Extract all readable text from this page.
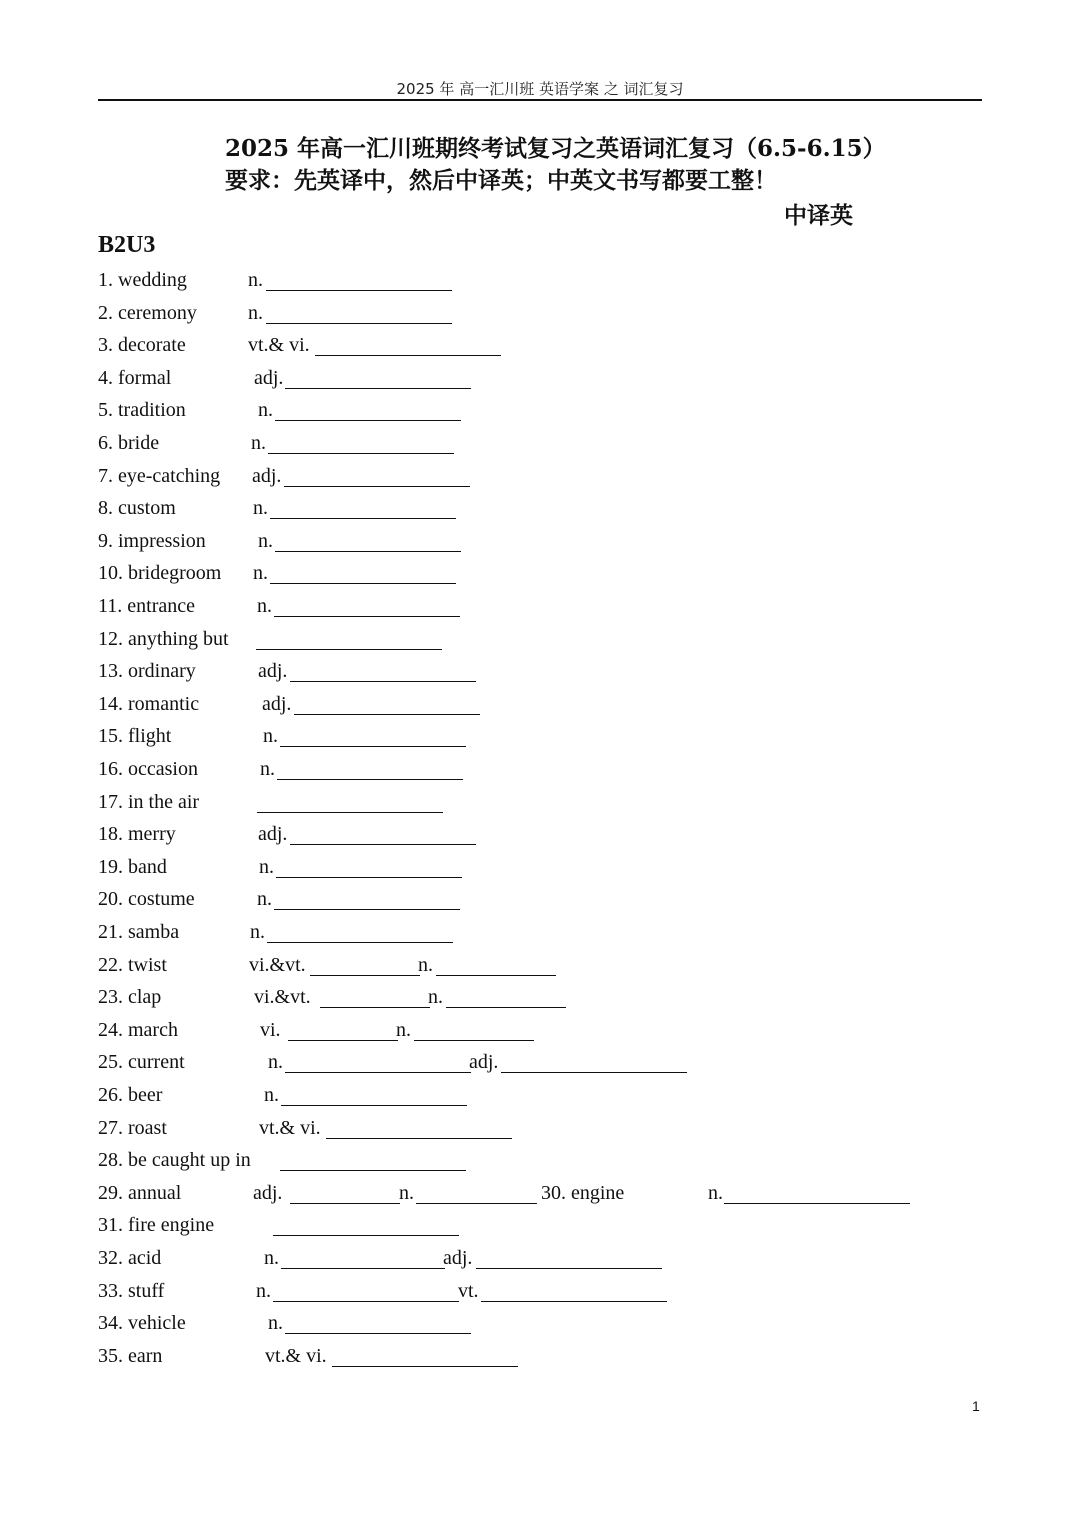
2025 年 高一汇川班 英语学案 之 词汇复习
2025 年高一汇川班期终考试复习之英语词汇复习（6.5-6.15）
要求：先英译中，然后中译英；中英文书写都要工整！
中译英
B2U3
1. wedding	n.
2. ceremony	n.
3. decorate	vt.& vi.
4. formal	adj.
5. tradition	n.
6. bride	n.
7. eye-catching adj.
8. custom	n.
9. impression	n.
10. bridegroom n.
11. entrance	n.
12. anything but
13. ordinary	adj.
14. romantic	adj.
15. flight	n.
16. occasion	n.
17. in the air
18. merry	adj.
19. band	n.
20. costume	n.
21. samba	n.
22. twist	vi.&vt.	n.
23. clap	vi.&vt.	n.
24. march	vi.	n.
25. current	n.	adj.
26. beer	n.
27. roast	vt.& vi.
28. be caught up in
29. annual	adj.	n.	30. engine	n.
31. fire engine
32. acid	n.	adj.
33. stuff	n.	vt.
34. vehicle	n.
35. earn	vt.& vi.
1
